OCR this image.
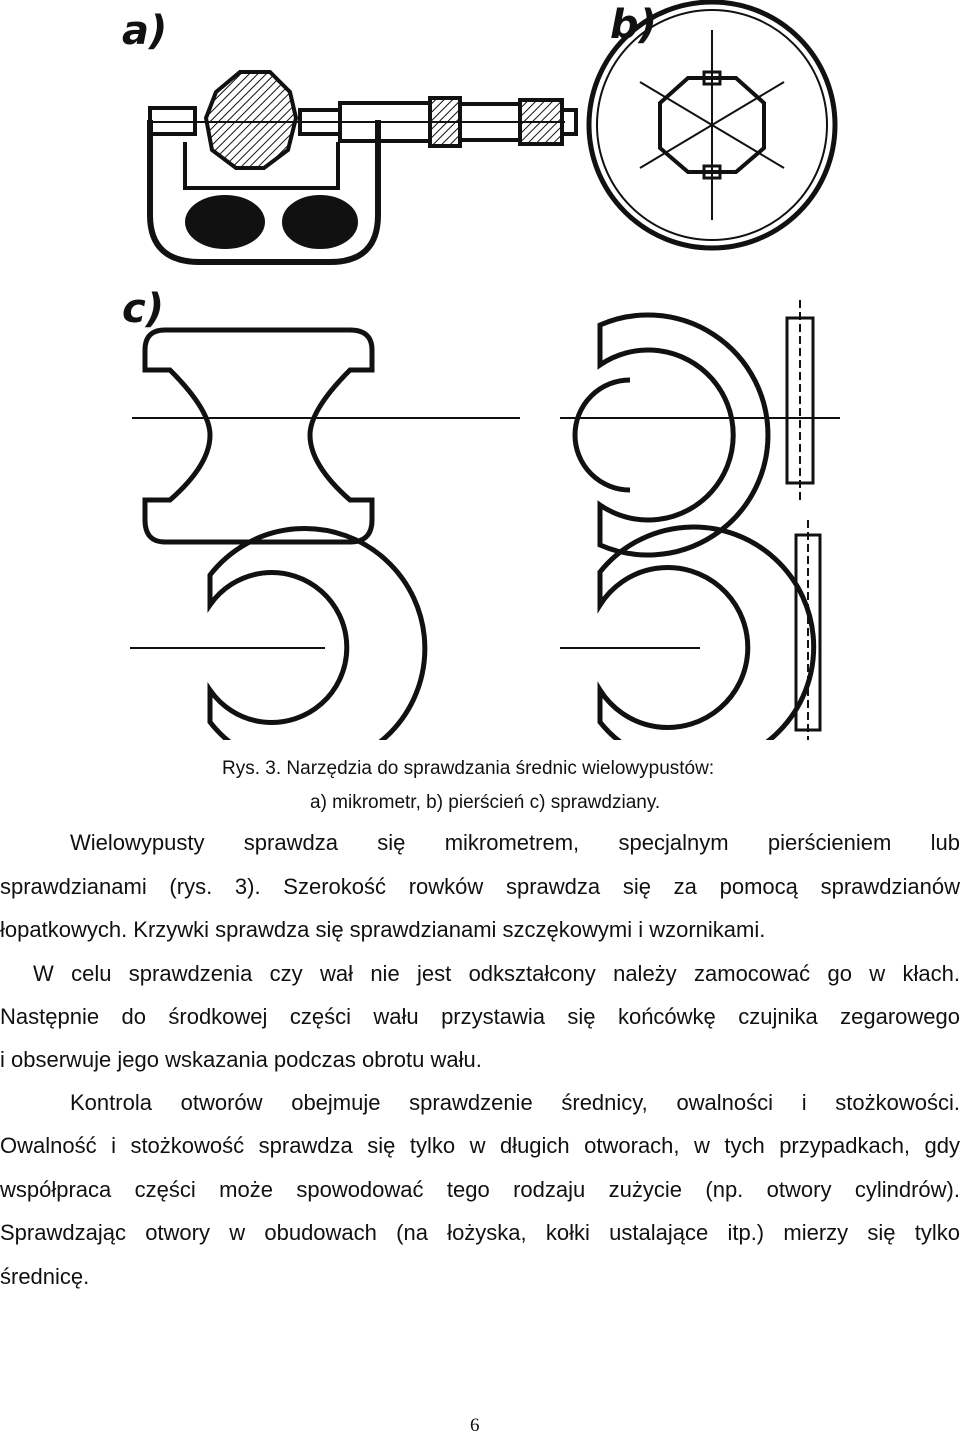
a)	b)
c)
Rys. 3. Narzędzia do sprawdzania średnic wielowypustów:
a) mikrometr, b) pierścień c) sprawdziany.
Wielowypusty sprawdza się mikrometrem, specjalnym pierścieniem lub
sprawdzianami (rys. 3). Szerokość rowków sprawdza się za pomocą sprawdzianów
łopatkowych. Krzywki sprawdza się sprawdzianami szczękowymi i wzornikami.
W celu sprawdzenia czy wał nie jest odkształcony należy zamocować go w kłach.
Następnie do środkowej części wału przystawia się końcówkę czujnika zegarowego
i obserwuje jego wskazania podczas obrotu wału.
Kontrola otworów obejmuje sprawdzenie średnicy, owalności i stożkowości.
Owalność i stożkowość sprawdza się tylko w długich otworach, w tych przypadkach, gdy
współpraca części może spowodować tego rodzaju zużycie (np. otwory cylindrów).
Sprawdzając otwory w obudowach (na łożyska, kołki ustalające itp.) mierzy się tylko
średnicę.
6
